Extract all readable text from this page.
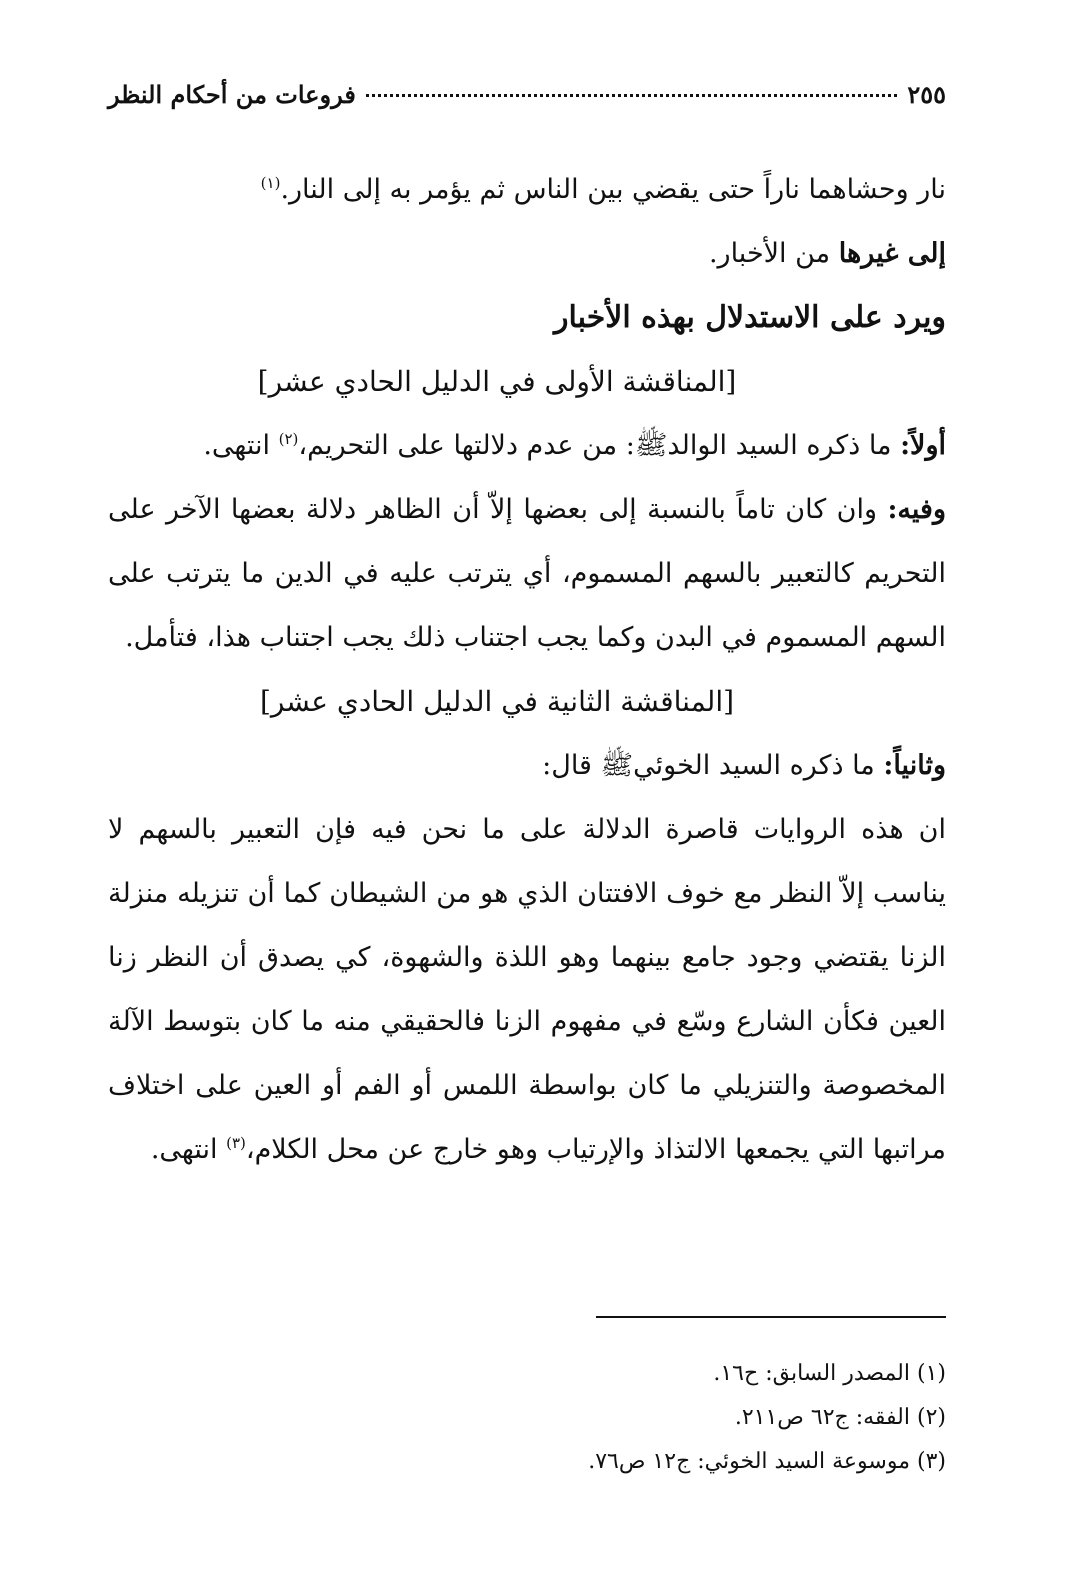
٢٥٥
فروعات من أحكام النظر

نار وحشاهما ناراً حتى يقضي بين الناس ثم يؤمر به إلى النار.$^{(١)}$

إلى غيرها من الأخبار.

ويرد على الاستدلال بهذه الأخبار

[المناقشة الأولى في الدليل الحادي عشر]

أولاً: ما ذكره السيد الوالدﷺ: من عدم دلالتها على التحريم،$^{(٢)}$ انتهى.

وفيه: وان كان تاماً بالنسبة إلى بعضها إلاّ أن الظاهر دلالة بعضها الآخر على التحريم كالتعبير بالسهم المسموم، أي يترتب عليه في الدين ما يترتب على السهم المسموم في البدن وكما يجب اجتناب ذلك يجب اجتناب هذا، فتأمل.

[المناقشة الثانية في الدليل الحادي عشر]

وثانياً: ما ذكره السيد الخوئيﷺ قال:

ان هذه الروايات قاصرة الدلالة على ما نحن فيه فإن التعبير بالسهم لا يناسب إلاّ النظر مع خوف الافتتان الذي هو من الشيطان كما أن تنزيله منزلة الزنا يقتضي وجود جامع بينهما وهو اللذة والشهوة، كي يصدق أن النظر زنا العين فكأن الشارع وسّع في مفهوم الزنا فالحقيقي منه ما كان بتوسط الآلة المخصوصة والتنزيلي ما كان بواسطة اللمس أو الفم أو العين على اختلاف مراتبها التي يجمعها الالتذاذ والإرتياب وهو خارج عن محل الكلام،$^{(٣)}$ انتهى.

(١) المصدر السابق: ح١٦.
(٢) الفقه: ج٦٢ ص٢١١.
(٣) موسوعة السيد الخوئي: ج١٢ ص٧٦.
